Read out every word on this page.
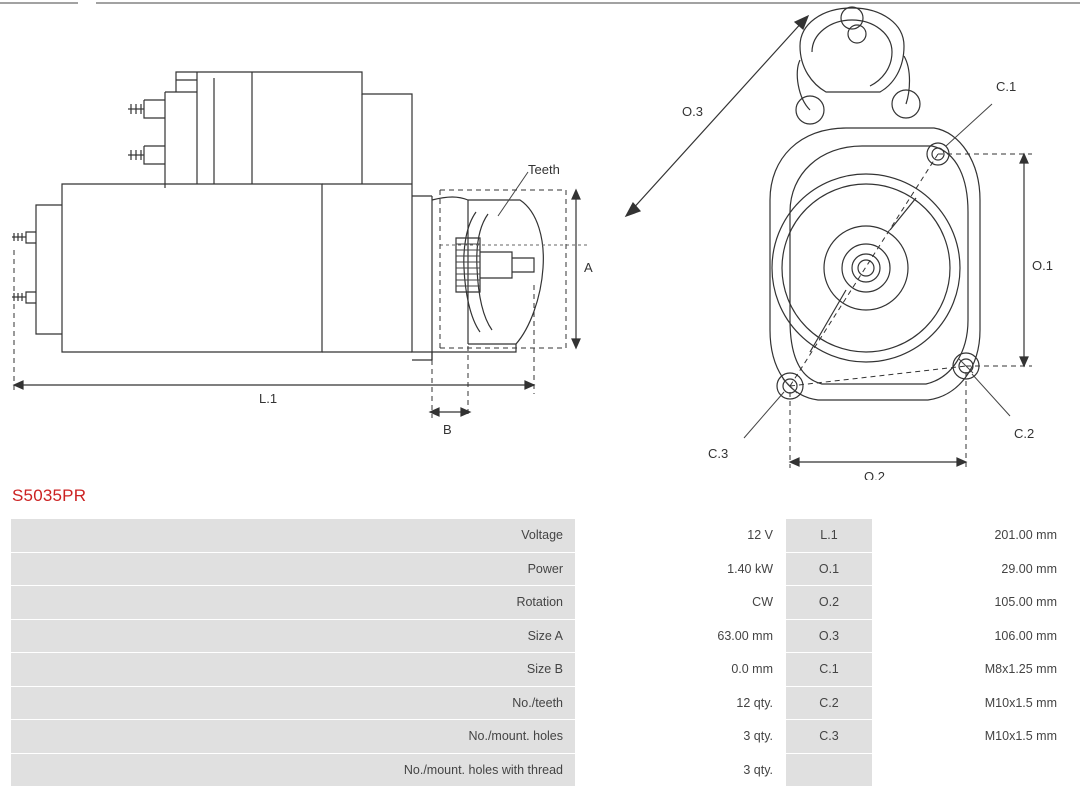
Teeth
A
L.1
B
O.3
O.1
O.2
C.1
C.2
C.3
S5035PR
Voltage	12 V	L.1	201.00 mm
Power	1.40 kW	O.1	29.00 mm
Rotation	CW	O.2	105.00 mm
Size A	63.00 mm	O.3	106.00 mm
Size B	0.0 mm	C.1	M8x1.25 mm
No./teeth	12 qty.	C.2	M10x1.5 mm
No./mount. holes	3 qty.	C.3	M10x1.5 mm
No./mount. holes with thread	3 qty.		
